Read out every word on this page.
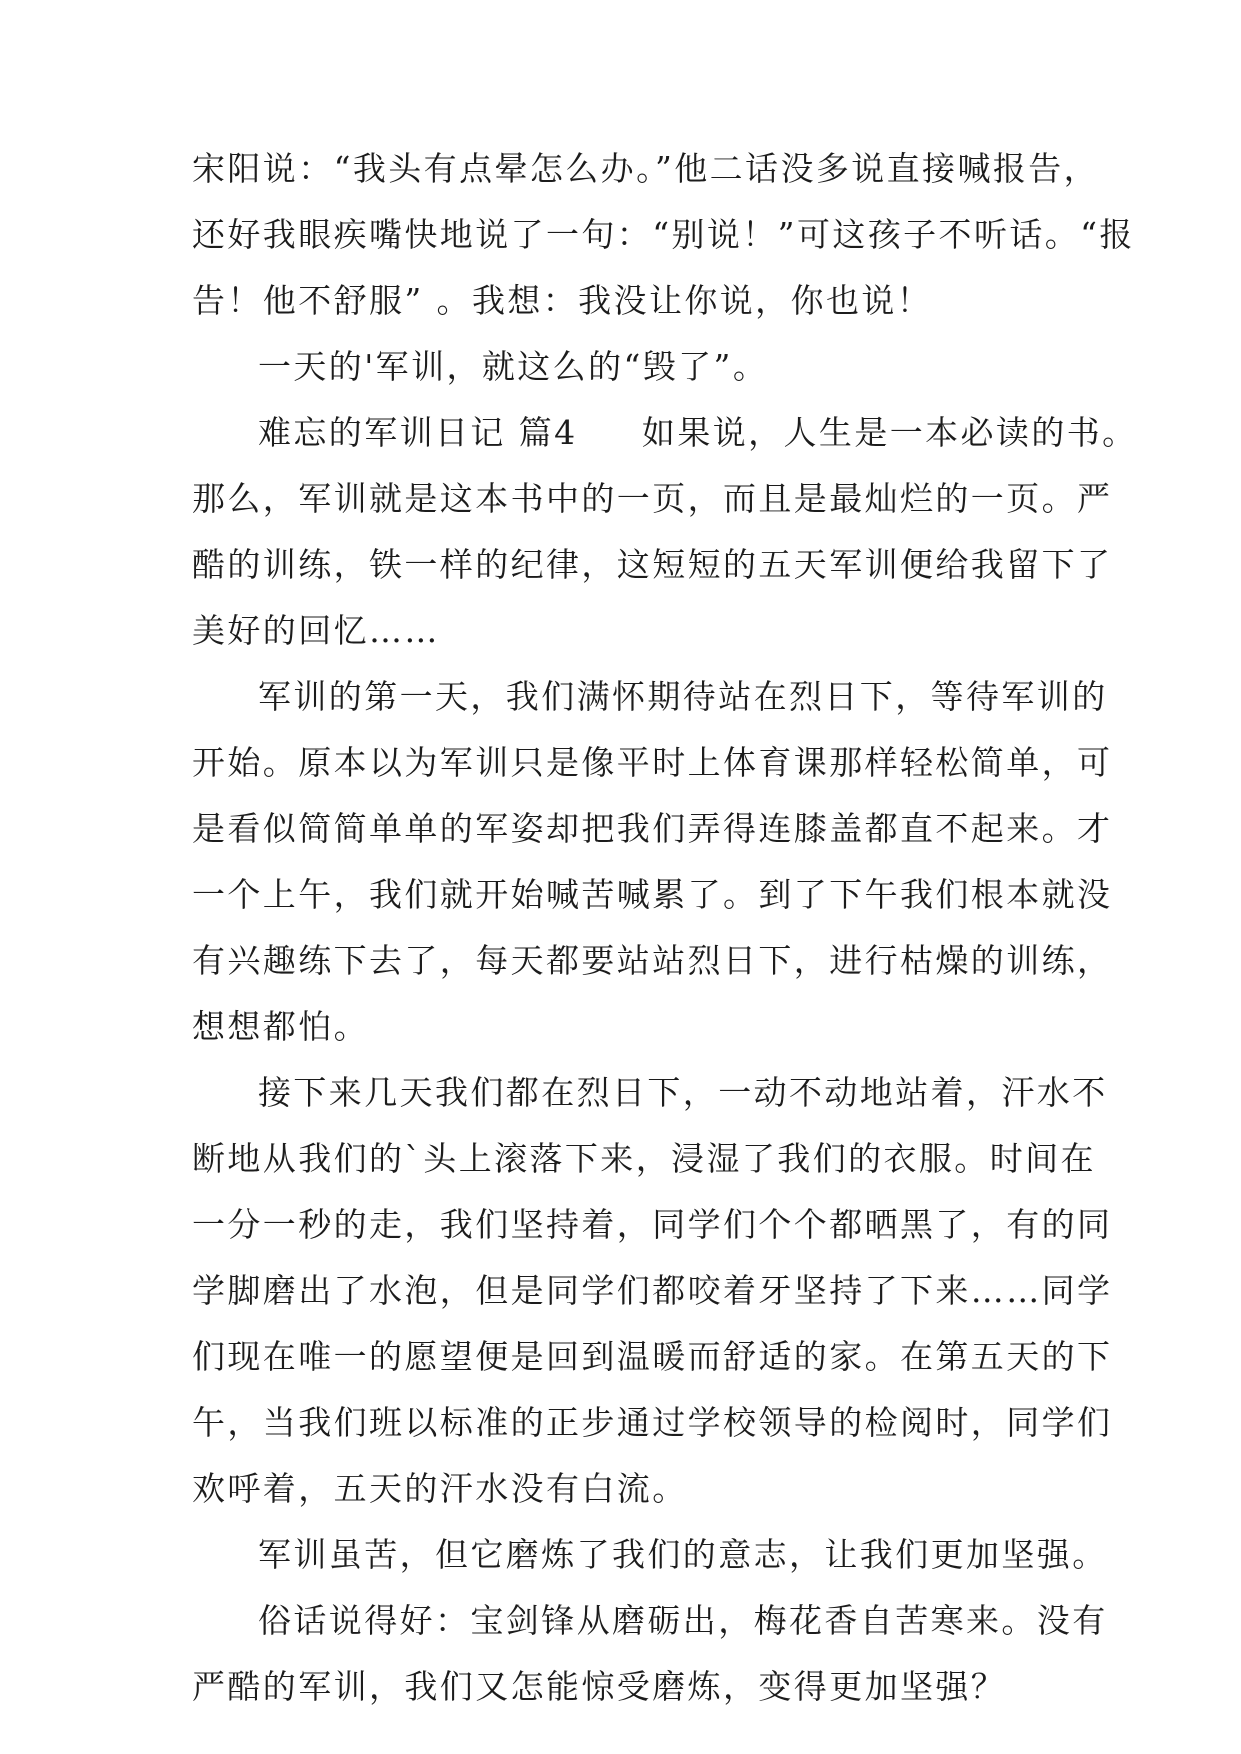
宋阳说：“我头有点晕怎么办。”他二话没多说直接喊报告，
还好我眼疾嘴快地说了一句：“别说！”可这孩子不听话。“报
告！他不舒服” 。我想：我没让你说，你也说！
一天的'军训，就这么的“毁了”。
难忘的军训日记 篇4     如果说，人生是一本必读的书。
那么，军训就是这本书中的一页，而且是最灿烂的一页。严
酷的训练，铁一样的纪律，这短短的五天军训便给我留下了
美好的回忆……
军训的第一天，我们满怀期待站在烈日下，等待军训的
开始。原本以为军训只是像平时上体育课那样轻松简单，可
是看似简简单单的军姿却把我们弄得连膝盖都直不起来。才
一个上午，我们就开始喊苦喊累了。到了下午我们根本就没
有兴趣练下去了，每天都要站站烈日下，进行枯燥的训练，
想想都怕。
接下来几天我们都在烈日下，一动不动地站着，汗水不
断地从我们的`头上滚落下来，浸湿了我们的衣服。时间在
一分一秒的走，我们坚持着，同学们个个都晒黑了，有的同
学脚磨出了水泡，但是同学们都咬着牙坚持了下来……同学
们现在唯一的愿望便是回到温暖而舒适的家。在第五天的下
午，当我们班以标准的正步通过学校领导的检阅时，同学们
欢呼着，五天的汗水没有白流。
军训虽苦，但它磨炼了我们的意志，让我们更加坚强。
俗话说得好：宝剑锋从磨砺出，梅花香自苦寒来。没有
严酷的军训，我们又怎能惊受磨炼，变得更加坚强？
